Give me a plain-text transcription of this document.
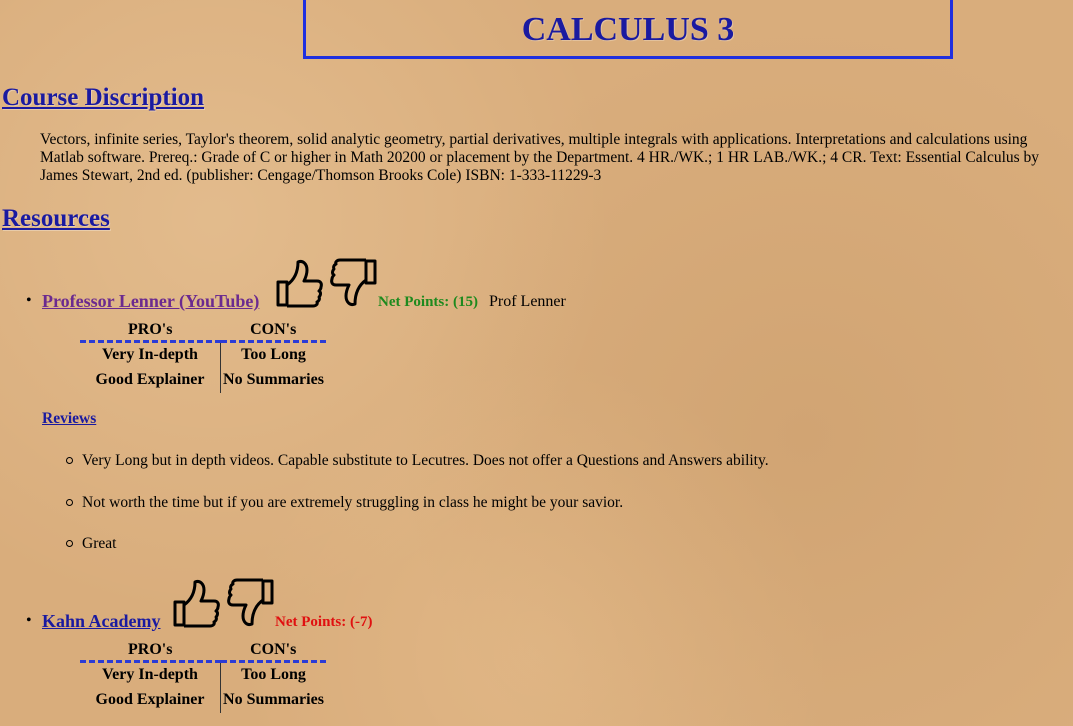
CALCULUS 3
Course Discription

Vectors, infinite series, Taylor's theorem, solid analytic geometry, partial derivatives, multiple integrals with applications. Interpretations and calculations using Matlab software. Prereq.: Grade of C or higher in Math 20200 or placement by the Department. 4 HR./WK.; 1 HR LAB./WK.; 4 CR. Text: Essential Calculus by James Stewart, 2nd ed. (publisher: Cengage/Thomson Brooks Cole) ISBN: 1-333-11229-3

Resources
• Professor Lenner (YouTube)	Net Points: (15) Prof Lenner
PRO's	CON's
Very In-depth	Too Long
Good Explainer	No Summaries
Reviews
Very Long but in depth videos. Capable substitute to Lecutres. Does not offer a Questions and Answers ability.
Not worth the time but if you are extremely struggling in class he might be your savior.
Great
• Kahn Academy	Net Points: (-7)
PRO's	CON's
Very In-depth	Too Long
Good Explainer	No Summaries
